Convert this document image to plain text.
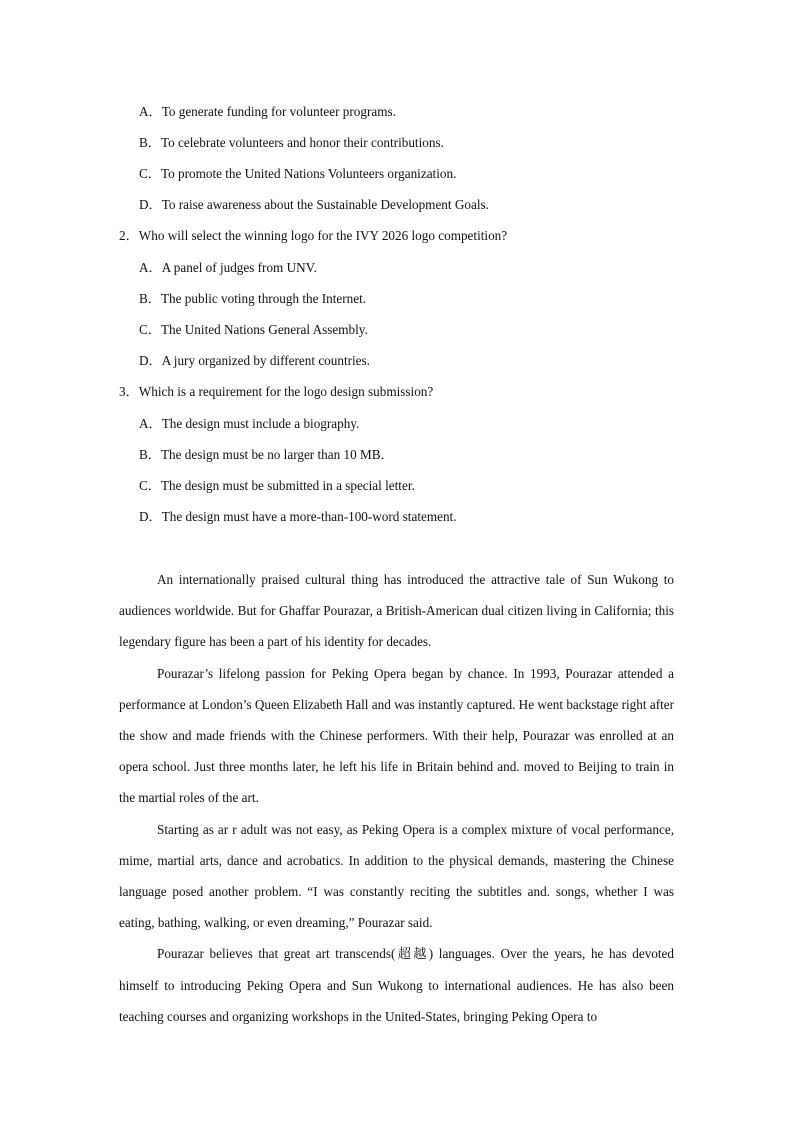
A．To generate funding for volunteer programs.
B．To celebrate volunteers and honor their contributions.
C．To promote the United Nations Volunteers organization.
D．To raise awareness about the Sustainable Development Goals.
2．Who will select the winning logo for the IVY 2026 logo competition?
A．A panel of judges from UNV.
B．The public voting through the Internet.
C．The United Nations General Assembly.
D．A jury organized by different countries.
3．Which is a requirement for the logo design submission?
A．The design must include a biography.
B．The design must be no larger than 10 MB．
C．The design must be submitted in a special letter.
D．The design must have a more-than-100-word statement.

An internationally praised cultural thing has introduced the attractive tale of Sun Wukong to audiences worldwide. But for Ghaffar Pourazar, a British-American dual citizen living in California; this legendary figure has been a part of his identity for decades.

Pourazar’s lifelong passion for Peking Opera began by chance. In 1993, Pourazar attended a performance at London’s Queen Elizabeth Hall and was instantly captured. He went backstage right after the show and made friends with the Chinese performers. With their help, Pourazar was enrolled at an opera school. Just three months later, he left his life in Britain behind and. moved to Beijing to train in the martial roles of the art.

Starting as ar r adult was not easy, as Peking Opera is a complex mixture of vocal performance, mime, martial arts, dance and acrobatics. In addition to the physical demands, mastering the Chinese language posed another problem. “I was constantly reciting the subtitles and. songs, whether I was eating, bathing, walking, or even dreaming,” Pourazar said.

Pourazar believes that great art transcends(超越) languages. Over the years, he has devoted himself to introducing Peking Opera and Sun Wukong to international audiences. He has also been teaching courses and organizing workshops in the United-States, bringing Peking Opera to
